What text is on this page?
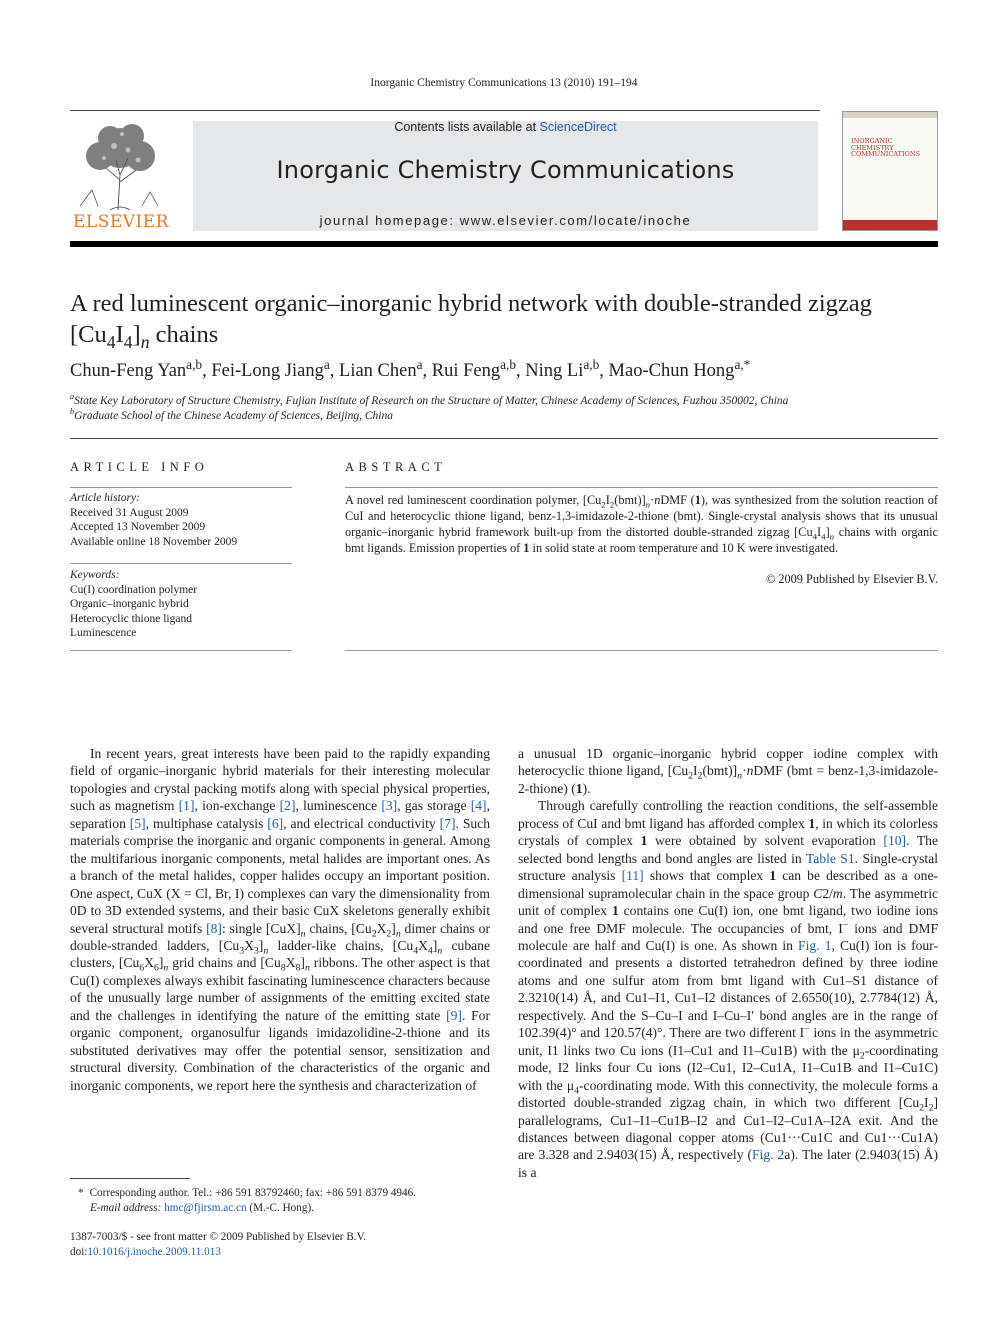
Inorganic Chemistry Communications 13 (2010) 191–194
ELSEVIER
Contents lists available at ScienceDirect
Inorganic Chemistry Communications
journal homepage: www.elsevier.com/locate/inoche
INORGANIC
CHEMISTRY
COMMUNICATIONS
A red luminescent organic–inorganic hybrid network with double-stranded zigzag $[Cu_4I_4]_n$ chains
Chun-Feng Yan$^{a,b}$, Fei-Long Jiang$^a$, Lian Chen$^a$, Rui Feng$^{a,b}$, Ning Li$^{a,b}$, Mao-Chun Hong$^{a,*}$
$^a$State Key Laboratory of Structure Chemistry, Fujian Institute of Research on the Structure of Matter, Chinese Academy of Sciences, Fuzhou 350002, China
$^b$Graduate School of the Chinese Academy of Sciences, Beijing, China
ARTICLE INFO
Article history:
Received 31 August 2009
Accepted 13 November 2009
Available online 18 November 2009
Keywords:
Cu(I) coordination polymer
Organic–inorganic hybrid
Heterocyclic thione ligand
Luminescence
ABSTRACT
A novel red luminescent coordination polymer, $[Cu_2I_2(bmt)]_n\cdot nDMF$ (1), was synthesized from the solution reaction of CuI and heterocyclic thione ligand, benz-1,3-imidazole-2-thione (bmt). Single-crystal analysis shows that its unusual organic–inorganic hybrid framework built-up from the distorted double-stranded zigzag $[Cu_4I_4]_n$ chains with organic bmt ligands. Emission properties of 1 in solid state at room temperature and 10 K were investigated.
© 2009 Published by Elsevier B.V.

In recent years, great interests have been paid to the rapidly expanding field of organic–inorganic hybrid materials for their interesting molecular topologies and crystal packing motifs along with special physical properties, such as magnetism [1], ion-exchange [2], luminescence [3], gas storage [4], separation [5], multiphase catalysis [6], and electrical conductivity [7]. Such materials comprise the inorganic and organic components in general. Among the multifarious inorganic components, metal halides are important ones. As a branch of the metal halides, copper halides occupy an important position. One aspect, CuX (X = Cl, Br, I) complexes can vary the dimensionality from 0D to 3D extended systems, and their basic CuX skeletons generally exhibit several structural motifs [8]: single $[CuX]_n$ chains, $[Cu_2X_2]_n$ dimer chains or double-stranded ladders, $[Cu_3X_3]_n$ ladder-like chains, $[Cu_4X_4]_n$ cubane clusters, $[Cu_6X_6]_n$ grid chains and $[Cu_8X_8]_n$ ribbons. The other aspect is that Cu(I) complexes always exhibit fascinating luminescence characters because of the unusually large number of assignments of the emitting excited state and the challenges in identifying the nature of the emitting state [9]. For organic component, organosulfur ligands imidazolidine-2-thione and its substituted derivatives may offer the potential sensor, sensitization and structural diversity. Combination of the characteristics of the organic and inorganic components, we report here the synthesis and characterization of

a unusual 1D organic–inorganic hybrid copper iodine complex with heterocyclic thione ligand, $[Cu_2I_2(bmt)]_n\cdot nDMF$ (bmt = benz-1,3-imidazole-2-thione) (1).

Through carefully controlling the reaction conditions, the self-assemble process of CuI and bmt ligand has afforded complex 1, in which its colorless crystals of complex 1 were obtained by solvent evaporation [10]. The selected bond lengths and bond angles are listed in Table S1. Single-crystal structure analysis [11] shows that complex 1 can be described as a one-dimensional supramolecular chain in the space group C2/m. The asymmetric unit of complex 1 contains one Cu(I) ion, one bmt ligand, two iodine ions and one free DMF molecule. The occupancies of bmt, I− ions and DMF molecule are half and Cu(I) is one. As shown in Fig. 1, Cu(I) ion is four-coordinated and presents a distorted tetrahedron defined by three iodine atoms and one sulfur atom from bmt ligand with Cu1–S1 distance of 2.3210(14) Å, and Cu1–I1, Cu1–I2 distances of 2.6550(10), 2.7784(12) Å, respectively. And the S–Cu–I and I–Cu–I′ bond angles are in the range of 102.39(4)° and 120.57(4)°. There are two different I− ions in the asymmetric unit, I1 links two Cu ions (I1–Cu1 and I1–Cu1B) with the $\mu_2$-coordinating mode, I2 links four Cu ions (I2–Cu1, I2–Cu1A, I1–Cu1B and I1–Cu1C) with the $\mu_4$-coordinating mode. With this connectivity, the molecule forms a distorted double-stranded zigzag chain, in which two different $[Cu_2I_2]$ parallelograms, Cu1–I1–Cu1B–I2 and Cu1–I2–Cu1A–I2A exit. And the distances between diagonal copper atoms (Cu1···Cu1C and Cu1···Cu1A) are 3.328 and 2.9403(15) Å, respectively (Fig. 2a). The later (2.9403(15) Å) is a

* Corresponding author. Tel.: +86 591 83792460; fax: +86 591 8379 4946.
E-mail address: hmc@fjirsm.ac.cn (M.-C. Hong).
1387-7003/$ - see front matter © 2009 Published by Elsevier B.V.
doi:10.1016/j.inoche.2009.11.013
